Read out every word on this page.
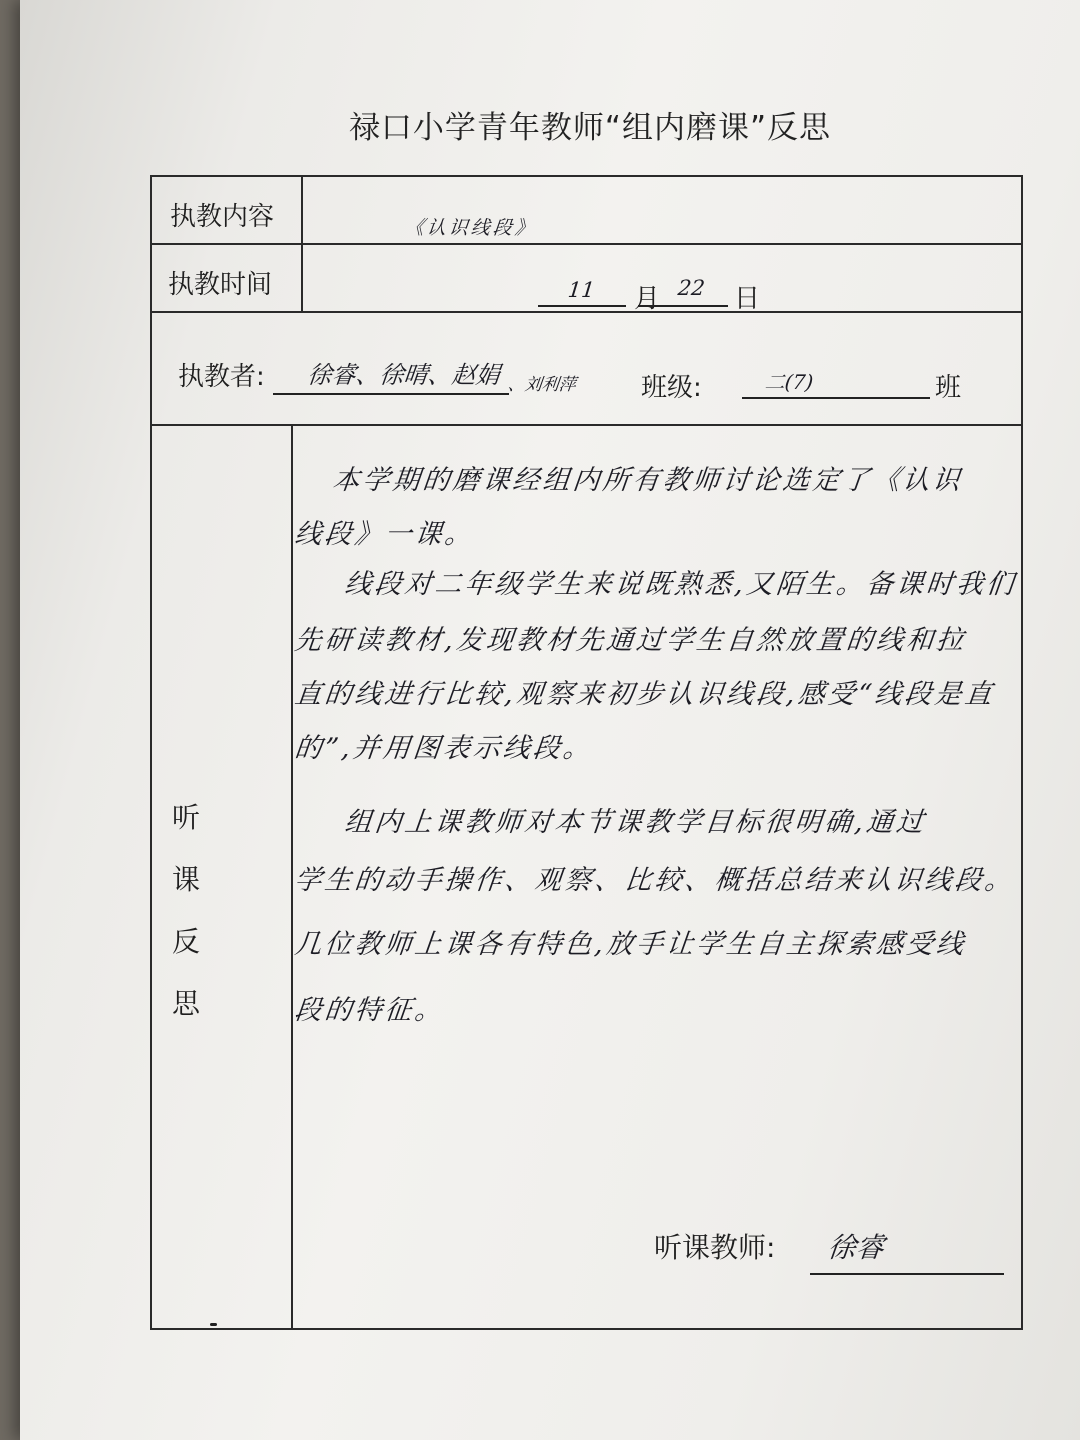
禄口小学青年教师“组内磨课”反思
执教内容	《认识线段》
执教时间	11 月 22 日
执教者: 徐睿、徐晴、赵娟 、刘利萍 班级:	二(7)	班
听
课
反
思
本学期的磨课经组内所有教师讨论选定了《认识
线段》一课。
线段对二年级学生来说既熟悉,又陌生。备课时我们
先研读教材,发现教材先通过学生自然放置的线和拉
直的线进行比较,观察来初步认识线段,感受“线段是直
的”,并用图表示线段。
组内上课教师对本节课教学目标很明确,通过
学生的动手操作、观察、比较、概括总结来认识线段。
几位教师上课各有特色,放手让学生自主探索感受线
段的特征。
听课教师: 徐睿
